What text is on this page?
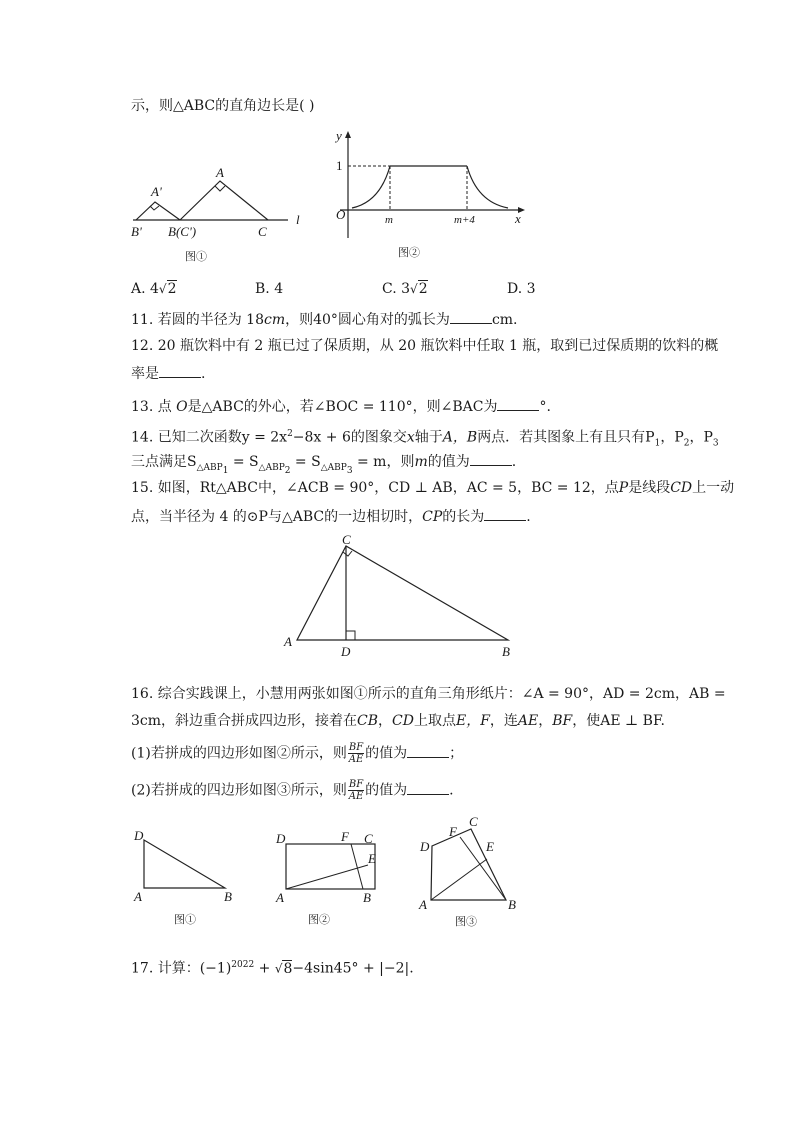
示，则△ABC的直角边长是( )
A'
A
B' B(C')	C
l
图①
y
1
O	m	m+4	x
图②
A. 4√2	B. 4	C. 3√2	D. 3
11. 若圆的半径为 18cm，则40°圆心角对的弧长为	cm.
12. 20 瓶饮料中有 2 瓶已过了保质期，从 20 瓶饮料中任取 1 瓶，取到已过保质期的饮料的概
率是	.
13. 点 O是△ABC的外心，若∠BOC = 110°，则∠BAC为	°.
14. 已知二次函数$y = 2x^2-8x + 6$的图象交x轴于A，B两点．若其图象上有且只有$P_1$，$P_2$，$P_3$
三点满足$S_{\triangle ABP_1} = S_{\triangle ABP_2} = S_{\triangle ABP_3} = m$，则m的值为	.
15. 如图，Rt△ABC中，∠ACB = 90°，CD ⊥ AB，AC = 5，BC = 12，点P是线段CD上一动
点，当半径为 4 的⊙P与△ABC的一边相切时，CP的长为	.
C
A
D	B
16. 综合实践课上，小慧用两张如图①所示的直角三角形纸片：∠A = 90°，AD = 2cm，AB =
3cm，斜边重合拼成四边形，接着在CB，CD上取点E，F，连AE，BF，使AE ⊥ BF.
(1)若拼成的四边形如图②所示，则 $\frac{BF}{AE}$ 的值为	；
(2)若拼成的四边形如图③所示，则 $\frac{BF}{AE}$ 的值为	.
D
A	B
图①
D	F C
E
A	B
图②
F
C
D	E
A	B
图③
17. 计算：$(-1)^{2022} + √8-4\sin 45^\circ + |-2|$.
